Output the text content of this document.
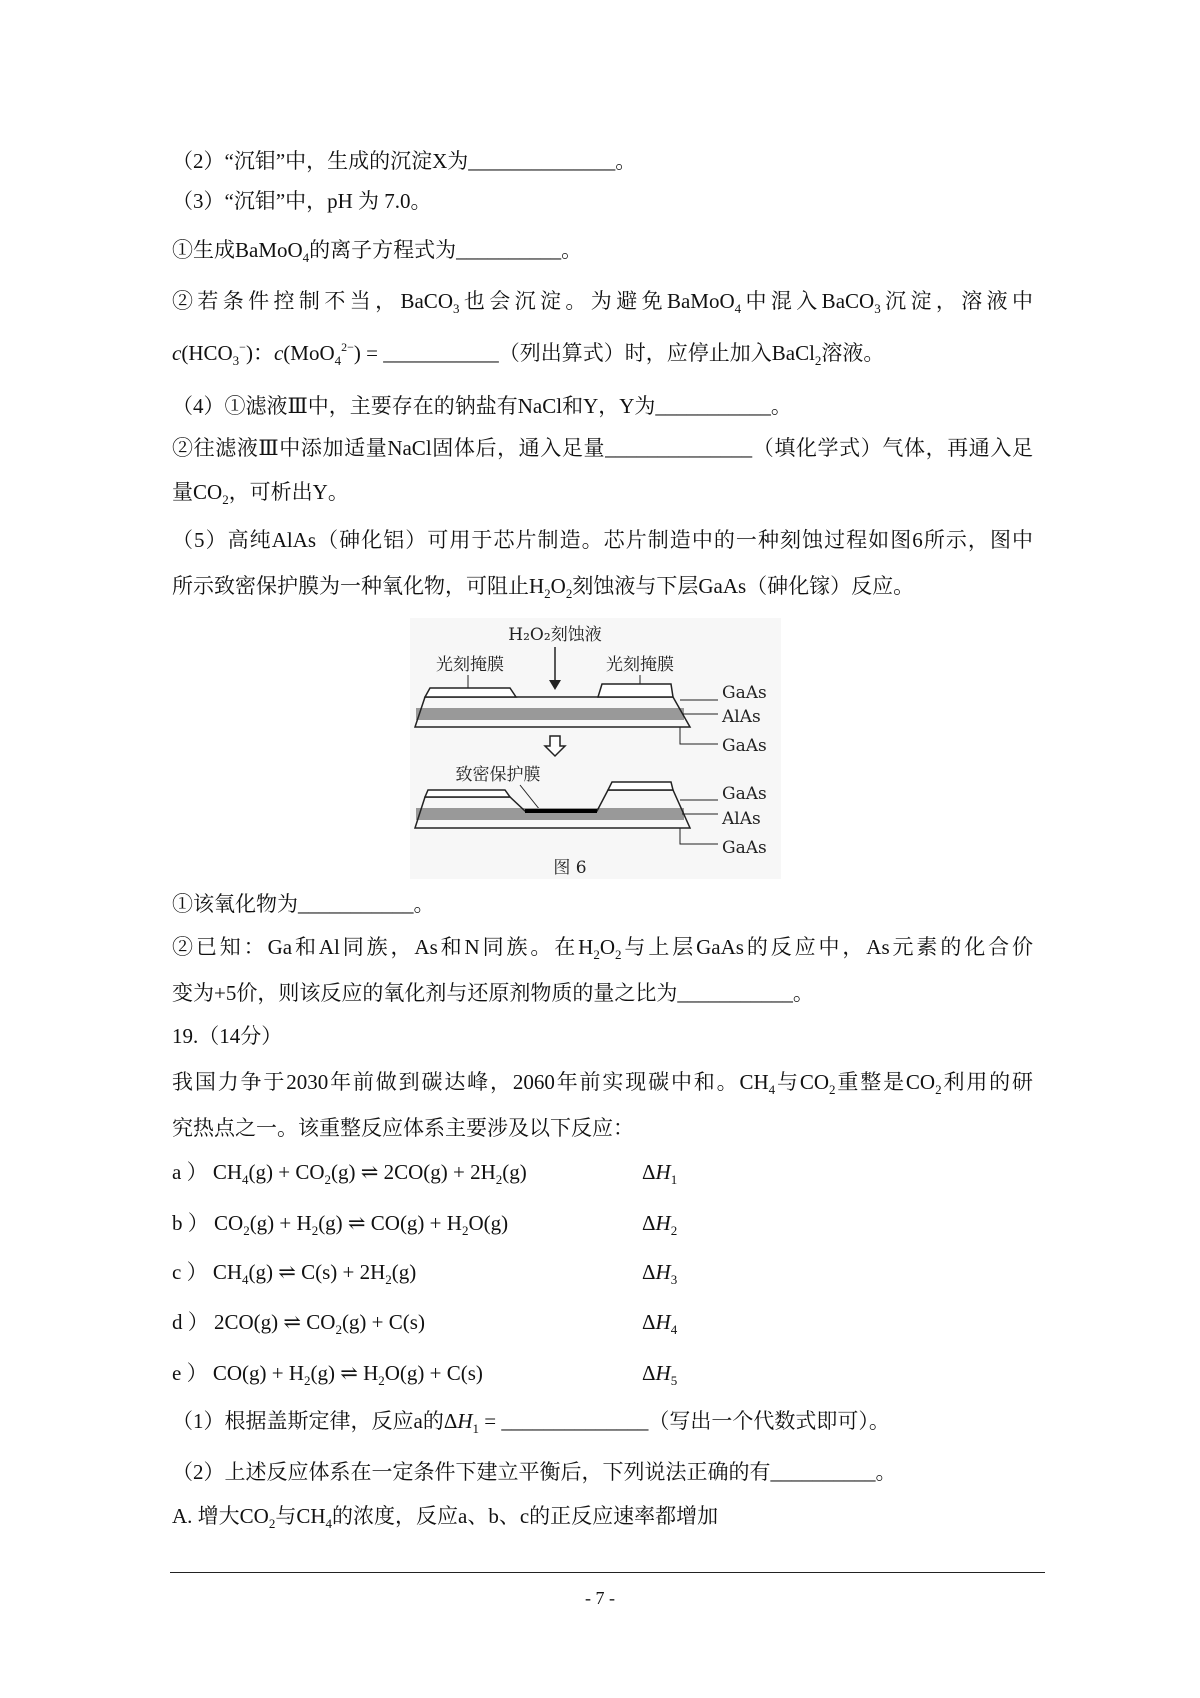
（2）“沉钼”中，生成的沉淀X为______________。
（3）“沉钼”中，pH 为 7.0。
①生成BaMoO$_4$的离子方程式为__________。
②若条件控制不当，BaCO$_3$也会沉淀。为避免BaMoO$_4$中混入BaCO$_3$沉淀，溶液中
$c(HCO_3^-)$：c(MoO$_4^{2-}$) = ___________（列出算式）时，应停止加入BaCl$_2$溶液。
（4）①滤液Ⅲ中，主要存在的钠盐有NaCl和Y，Y为___________。
②往滤液Ⅲ中添加适量NaCl固体后，通入足量______________（填化学式）气体，再通入足
量$CO_2$，可析出Y。
（5）高纯AlAs（砷化铝）可用于芯片制造。芯片制造中的一种刻蚀过程如图6所示，图中
所示致密保护膜为一种氧化物，可阻止$H_2O_2$刻蚀液与下层GaAs（砷化镓）反应。
①该氧化物为___________。
②已知：Ga和Al同族，As和N同族。在$H_2O_2$与上层GaAs的反应中，As元素的化合价
变为+5价，则该反应的氧化剂与还原剂物质的量之比为___________。
19.（14分）
我国力争于2030年前做到碳达峰，2060年前实现碳中和。$CH_4$与$CO_2$重整是$CO_2$利用的研
究热点之一。该重整反应体系主要涉及以下反应：
a ） $CH_4(g) + CO_2(g)$ ⇌ $2CO(g) + 2H_2(g)$
b ） $CO_2(g) + H_2(g)$ ⇌ $CO(g) + H_2O(g)$
c ） $CH_4(g)$ ⇌ $C(s) + 2H_2(g)$
d ） 2CO(g) ⇌ $CO_2(g) + C(s)$
e ） $CO(g) + H_2(g)$ ⇌ $H_2O(g) + C(s)$
（1）根据盖斯定律，反应a的$\Delta H_1$ = ______________（写出一个代数式即可）。
（2）上述反应体系在一定条件下建立平衡后，下列说法正确的有__________。
A. 增大$CO_2$与$CH_4$的浓度，反应a、b、c的正反应速率都增加
$\Delta H_1$
$\Delta H_2$
$\Delta H_3$
$\Delta H_4$
$\Delta H_5$
H₂O₂刻蚀液
光刻掩膜	光刻掩膜
GaAs
AlAs
GaAs
致密保护膜
GaAs
AlAs
GaAs
图 6
- 7 -
